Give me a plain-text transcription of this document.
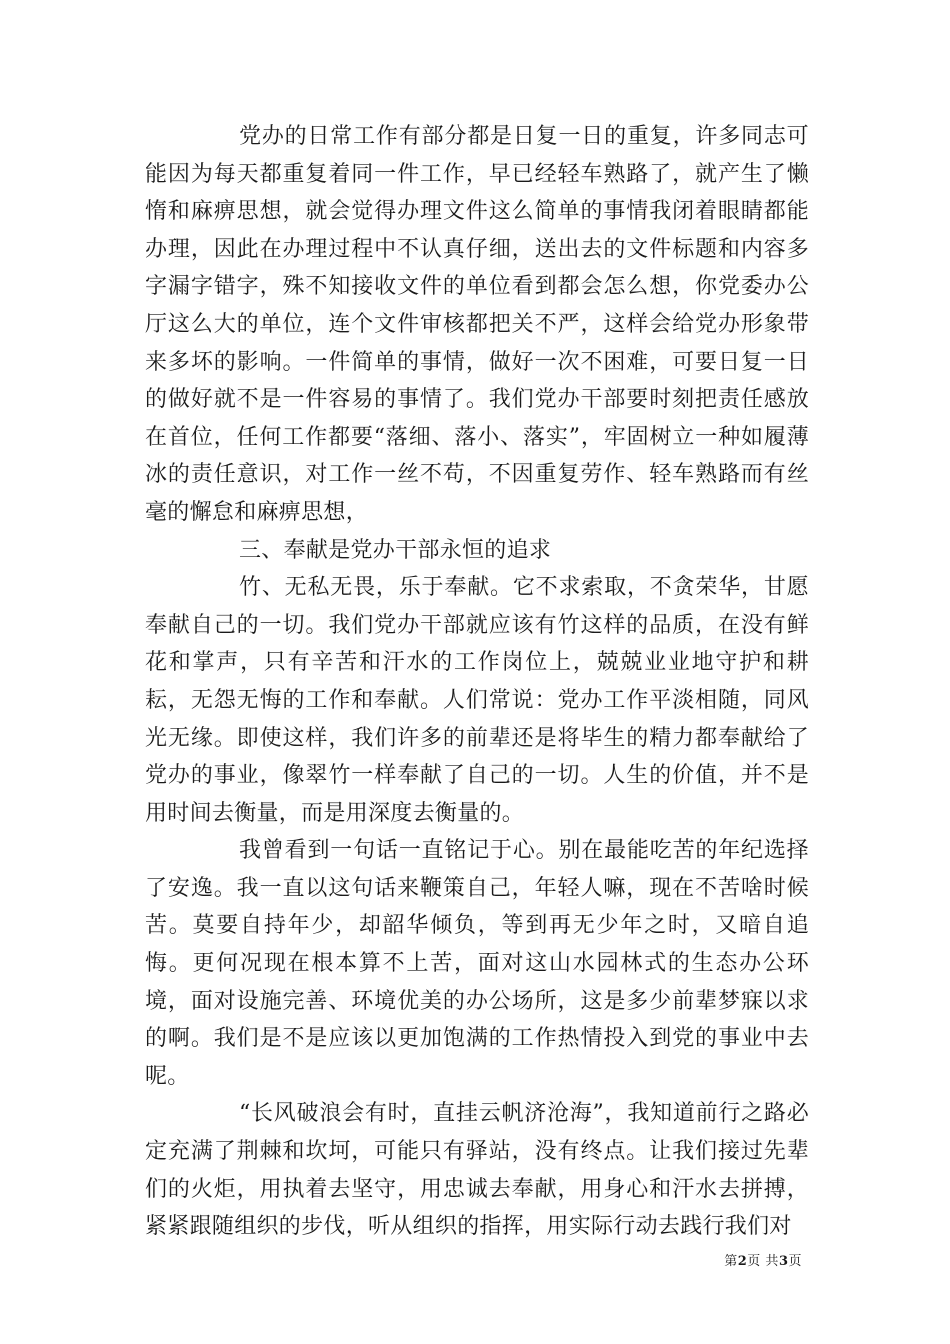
党办的日常工作有部分都是日复一日的重复，许多同志可能因为每天都重复着同一件工作，早已经轻车熟路了，就产生了懒惰和麻痹思想，就会觉得办理文件这么简单的事情我闭着眼睛都能办理，因此在办理过程中不认真仔细，送出去的文件标题和内容多字漏字错字，殊不知接收文件的单位看到都会怎么想，你党委办公厅这么大的单位，连个文件审核都把关不严，这样会给党办形象带来多坏的影响。一件简单的事情，做好一次不困难，可要日复一日的做好就不是一件容易的事情了。我们党办干部要时刻把责任感放在首位，任何工作都要“落细、落小、落实”，牢固树立一种如履薄冰的责任意识，对工作一丝不苟，不因重复劳作、轻车熟路而有丝毫的懈怠和麻痹思想，

三、奉献是党办干部永恒的追求

竹、无私无畏，乐于奉献。它不求索取，不贪荣华，甘愿奉献自己的一切。我们党办干部就应该有竹这样的品质，在没有鲜花和掌声，只有辛苦和汗水的工作岗位上，兢兢业业地守护和耕耘，无怨无悔的工作和奉献。人们常说：党办工作平淡相随，同风光无缘。即使这样，我们许多的前辈还是将毕生的精力都奉献给了党办的事业，像翠竹一样奉献了自己的一切。人生的价值，并不是用时间去衡量，而是用深度去衡量的。

我曾看到一句话一直铭记于心。别在最能吃苦的年纪选择了安逸。我一直以这句话来鞭策自己，年轻人嘛，现在不苦啥时候苦。莫要自持年少，却韶华倾负，等到再无少年之时，又暗自追悔。更何况现在根本算不上苦，面对这山水园林式的生态办公环境，面对设施完善、环境优美的办公场所，这是多少前辈梦寐以求的啊。我们是不是应该以更加饱满的工作热情投入到党的事业中去呢。

“长风破浪会有时，直挂云帆济沧海”，我知道前行之路必定充满了荆棘和坎坷，可能只有驿站，没有终点。让我们接过先辈们的火炬，用执着去坚守，用忠诚去奉献，用身心和汗水去拼搏，紧紧跟随组织的步伐，听从组织的指挥，用实际行动去践行我们对

第2页 共3页
